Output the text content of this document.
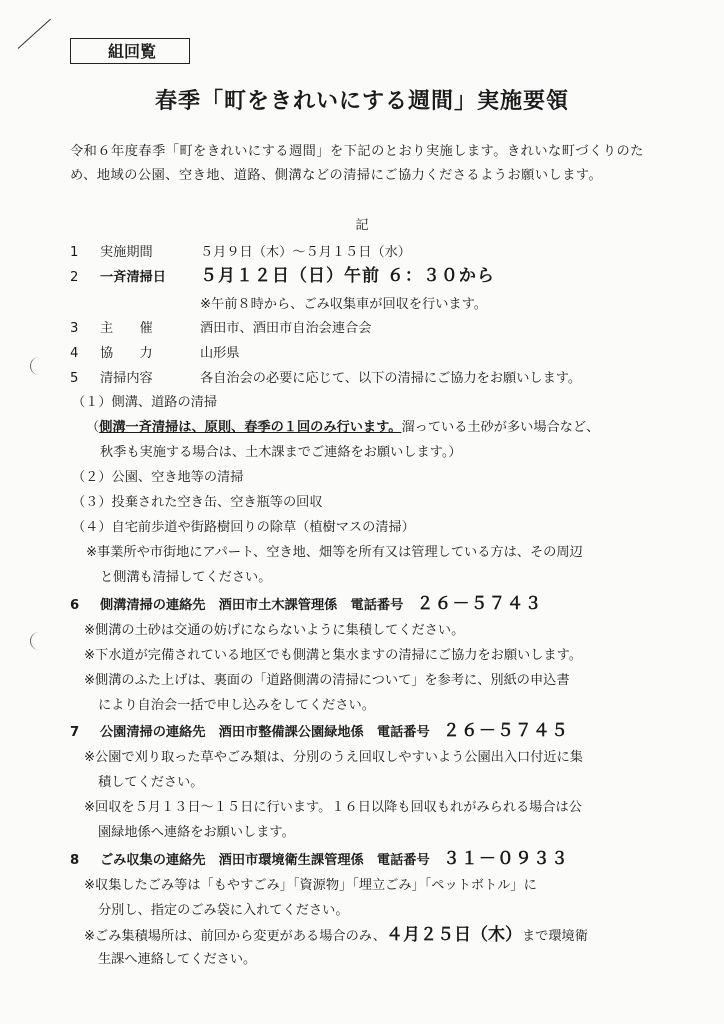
組回覧
春季「町をきれいにする週間」実施要領
令和６年度春季「町をきれいにする週間」を下記のとおり実施します。きれいな町づくりのため、地域の公園、空き地、道路、側溝などの清掃にご協力くださるようお願いします。
記
1 実施期間	５月９日（木）～５月１５日（水）
2 一斉清掃日 ５月１２日（日）午前 ６：３０から
※午前８時から、ごみ収集車が回収を行います。
3 主　　催	酒田市、酒田市自治会連合会
4 協　　力	山形県
5 清掃内容	各自治会の必要に応じて、以下の清掃にご協力をお願いします。
（１）側溝、道路の清掃
（側溝一斉清掃は、原則、春季の１回のみ行います。溜っている土砂が多い場合など、
秋季も実施する場合は、土木課までご連絡をお願いします。）
（２）公園、空き地等の清掃
（３）投棄された空き缶、空き瓶等の回収
（４）自宅前歩道や街路樹回りの除草（植樹マスの清掃）
※事業所や市街地にアパート、空き地、畑等を所有又は管理している方は、その周辺
と側溝も清掃してください。
6 側溝清掃の連絡先　酒田市土木課管理係　電話番号　 ２６－５７４３
※側溝の土砂は交通の妨げにならないように集積してください。
※下水道が完備されている地区でも側溝と集水ますの清掃にご協力をお願いします。
※側溝のふた上げは、裏面の「道路側溝の清掃について」を参考に、別紙の申込書
により自治会一括で申し込みをしてください。
7 公園清掃の連絡先　酒田市整備課公園緑地係　電話番号　 ２６－５７４５
※公園で刈り取った草やごみ類は、分別のうえ回収しやすいよう公園出入口付近に集
積してください。
※回収を５月１３日～１５日に行います。１６日以降も回収もれがみられる場合は公
園緑地係へ連絡をお願いします。
8 ごみ収集の連絡先　酒田市環境衛生課管理係　電話番号　 ３１－０９３３
※収集したごみ等は「もやすごみ」「資源物」「埋立ごみ」「ペットボトル」に
分別し、指定のごみ袋に入れてください。
※ごみ集積場所は、前回から変更がある場合のみ、４月２５日（木）まで環境衛
生課へ連絡してください。
